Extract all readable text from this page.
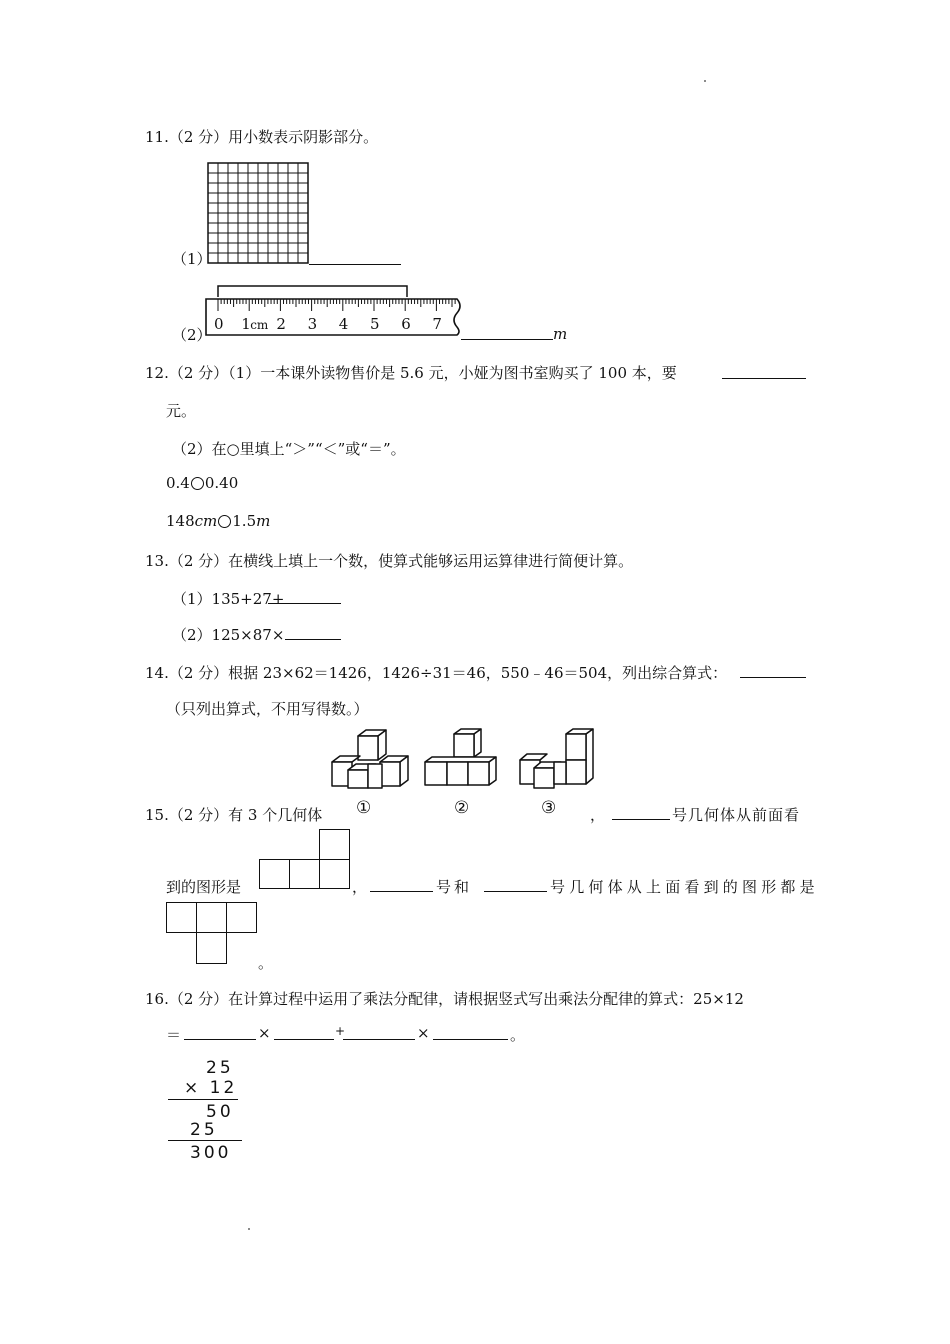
11.（2 分）用小数表示阴影部分。
（1）
0 1 2 3 4 5 6 7
cm
（2）	m
12.（2 分）（1）一本课外读物售价是 5.6 元，小娅为图书室购买了 100 本，要
元。
（2）在○里填上“＞”“＜”或“＝”。
0.4 0.40
148cm 1.5m
13.（2 分）在横线上填上一个数，使算式能够运用运算律进行简便计算。
（1）135+27+
（2）125×87×
14.（2 分）根据 23×62＝1426，1426÷31＝46，550﹣46＝504，列出综合算式：
（只列出算式，不用写得数。）
15.（2 分）有 3 个几何体 ①	②	③ ，	号几何体从前面看
到的图形是	，	号和	号几何体从上面看到的图形都是
。
16.（2 分）在计算过程中运用了乘法分配律，请根据竖式写出乘法分配律的算式：25×12
＝	×	+	×	。
25
× 12
50
25
300
